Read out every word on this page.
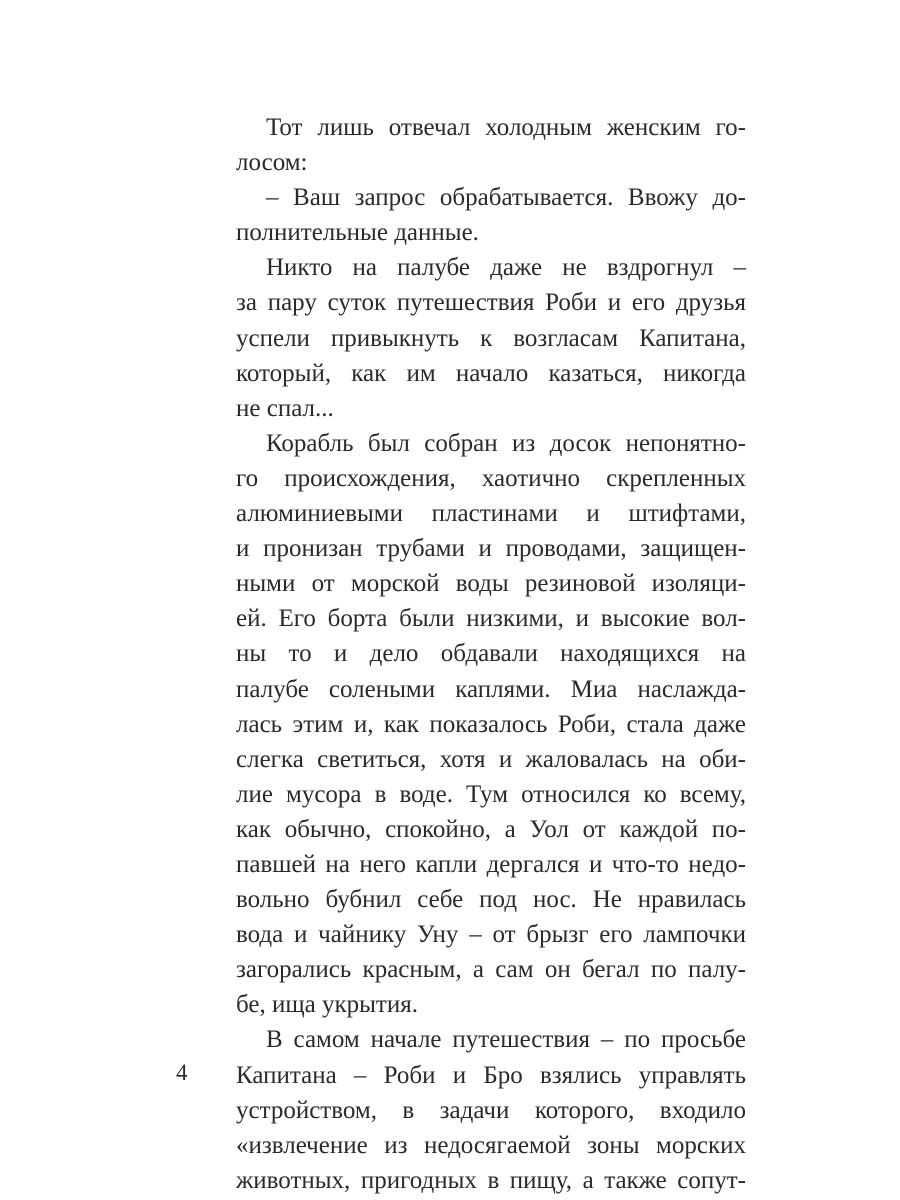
Тот лишь отвечал холодным женским го-
лосом:
– Ваш запрос обрабатывается. Ввожу до-
полнительные данные.
Никто на палубе даже не вздрогнул –
за пару суток путешествия Роби и его друзья
успели привыкнуть к возгласам Капитана,
который, как им начало казаться, никогда
не спал...
Корабль был собран из досок непонятно-
го происхождения, хаотично скрепленных
алюминиевыми пластинами и штифтами,
и пронизан трубами и проводами, защищен-
ными от морской воды резиновой изоляци-
ей. Его борта были низкими, и высокие вол-
ны то и дело обдавали находящихся на
палубе солеными каплями. Миа наслажда-
лась этим и, как показалось Роби, стала даже
слегка светиться, хотя и жаловалась на оби-
лие мусора в воде. Тум относился ко всему,
как обычно, спокойно, а Уол от каждой по-
павшей на него капли дергался и что-то недо-
вольно бубнил себе под нос. Не нравилась
вода и чайнику Уну – от брызг его лампочки
загорались красным, а сам он бегал по палу-
бе, ища укрытия.
В самом начале путешествия – по просьбе
Капитана – Роби и Бро взялись управлять
устройством, в задачи которого, входило
«извлечение из недосягаемой зоны морских
животных, пригодных в пищу, а также сопут-
4
